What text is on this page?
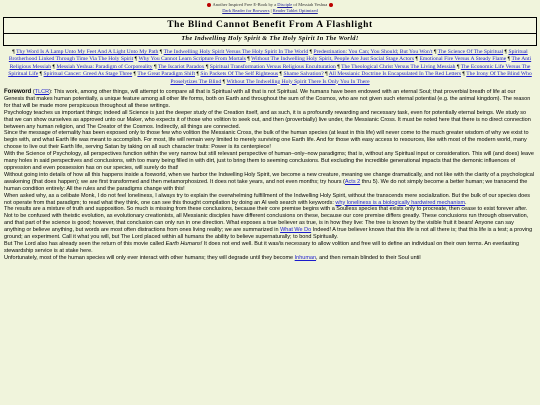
Another Inspired Free E-Book by a Disciple of Messiah Yeshua
Dark Reader for Browsers | Reader Tablet Optimized
The Blind Cannot Benefit From A Flashlight
The Indwelling Holy Spirit & The Holy Spirit In The World!
¶ Thy Word Is A Lamp Unto My Feet And A Light Unto My Path ¶ The Indwelling Holy Spirit Versus The Holy Spirit In The World ¶ Predestination: You Can; You Should; But You Won't ¶ The Science Of The Spiritual ¶ Spiritual Brotherhood Linked Through Time Via The Holy Spirit ¶ Why You Cannot Learn Scripture From Mortals ¶ Without The Indwelling Holy Spirit, People Are Just Social Stage Actors ¶ Emotional Fire Versus A Steady Flame ¶ The Anti Religious Messiah ¶ Messiah Yeshua: Paradigm of Corporeality ¶ The Iscariot Paradox ¶ Spiritual Transformation Versus Religious Enculturation ¶ The Theological Christ Versus The Living Messiah ¶ The Economic Life Versus The Spiritual Life ¶ Spiritual Cancer: Greed As Stage Three ¶ The Great Paradigm Shift ¶ Sin Packets Of The Self Righteous ¶ Shame Salvation? ¶ All Messianic Doctrine Is Encapsulated In The Red Letters ¶ The Irony Of The Blind Who Proselytizes The Blind ¶ Without The Indwelling Holy Spirit There Is Only You In There

Foreword (TLCR): This work, among other things, will attempt to compare all that is Spiritual with all that is not Spiritual. We humans have been endowed with an eternal Soul; that proverbial breath of life at our Genesis that makes human potentially, a unique feature among all other life forms, both on Earth and throughout the sum of the Cosmos, who are not given such eternal potential (e.g. the animal kingdom). The reason for that will be made more perspicuous throughout all these writings.

Psychology teaches us important things; indeed all Science is just the deeper study of the Creation itself, and as such, it is a profoundly rewarding and necessary task, even for potentially eternal beings. We study so that we can show ourselves as approved unto our Maker, who expects it of those who volition to seek out, and then (proverbially) live under, the Messianic Cross. It must be noted here that there is no direct connection between any human religion, and The Creator of the Cosmos. Indirectly, all things are connected.

Since the message of eternality has been exposed only to those few who volition the Messianic Cross, the bulk of the human species (at least in this life) will never come to the much greater wisdom of why we exist to begin with, and what Earth life was meant to accomplish. For most, life will remain very limited to merely surviving one Earth life. And for those with easy access to resources, like with most of the modern world, many choose to live out their Earth life, serving Satan by taking on all such character traits: Power is its centerpiece!

With the Science of Psychology, all perspectives function within the very narrow but still relevant perspective of human–only–now paradigms; that is, without any Spiritual input or consideration. This will (and does) leave many holes in said perspectives and conclusions, with too many being filled in with dirt, just to bring them to seeming conclusions. But excluding the incredible generational impacts that the demonic influences of oppression and even possession has on our species, will surely do that!

Without going into details of how all this happens inside a foxworld, when we harbor the Indwelling Holy Spirit, we become a new creature, meaning we change dramatically, and not like with the clarity of a psychological awakening (that does happen); we are first transformed and then metamorphosized. It does not take years, and not even months; try hours (Acts 2 thru 5). We do not simply become a better human; we transcend the human condition entirely: All the rules and the paradigms change with this!

When asked why, as a celibate Monk, I do not feel loneliness, I always try to explain the overwhelming fulfillment of the Indwelling Holy Spirit, without the transcends mere socialization. But the bulk of our species does not operate from that paradigm; to read what they think, one can see this thought compilation by doing an AI web search with keywords: why loneliness is a biologically hardwired mechanism.

The results are a mixture of truth and supposition. So much is missing from these conclusions, because their core premise begins with a Soulless species that exists only to procreate, then cease to exist forever after. Not to be confused with theistic evolution, as evolutionary creationists, all Messianic disciples have different conclusions on these, because our core premise differs greatly. These conclusions run through observation, and that part of the science is good; however, that conclusion can only run in one direction. What exposes a true believer as true, is in how they live: The tree is known by the visible fruit it bears! Anyone can say anything or believe anything, but words are most often distractions from ones living reality; we are summarized in What We Do Indeed! A true believer knows that this life is not all there is; that this life is a test; a proving ground; an experiment. Call it what you will, but The Lord placed within all humans the ability to believe supernaturally; to bond Spiritually.

But The Lord also has already seen the return of this movie called Earth Humans! It does not end well. But it was/is necessary to allow volition and free will to define an individual on their own terms. An everlasting stewardship service is at stake here.

Unfortunately, most of the human species will only ever interact with other humans; they will degrade until they become Inhuman, and then remain blinded to their Soul until
